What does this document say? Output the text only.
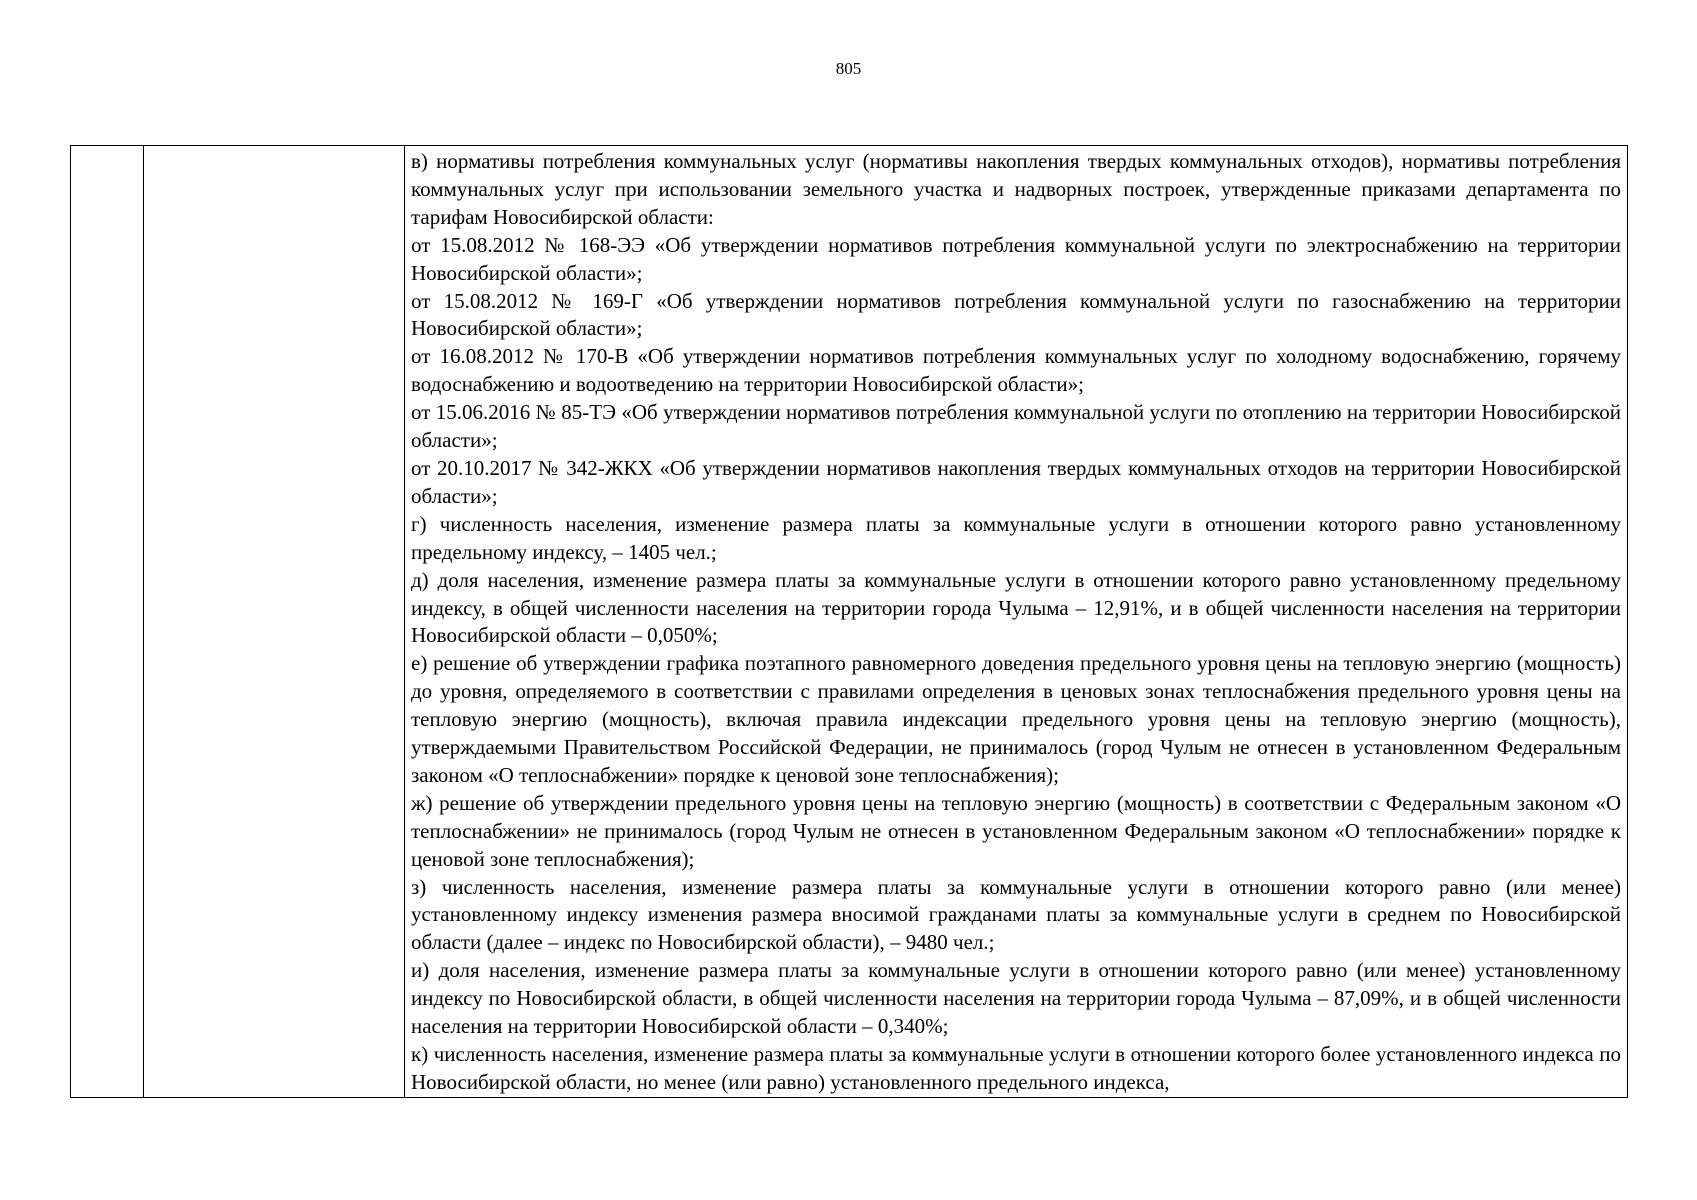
805

в) нормативы потребления коммунальных услуг (нормативы накопления твердых коммунальных отходов), нормативы потребления коммунальных услуг при использовании земельного участка и надворных построек, утвержденные приказами департамента по тарифам Новосибирской области:

от 15.08.2012 № 168-ЭЭ «Об утверждении нормативов потребления коммунальной услуги по электроснабжению на территории Новосибирской области»;

от 15.08.2012 № 169-Г «Об утверждении нормативов потребления коммунальной услуги по газоснабжению на территории Новосибирской области»;

от 16.08.2012 № 170-В «Об утверждении нормативов потребления коммунальных услуг по холодному водоснабжению, горячему водоснабжению и водоотведению на территории Новосибирской области»;

от 15.06.2016 № 85-ТЭ «Об утверждении нормативов потребления коммунальной услуги по отоплению на территории Новосибирской области»;

от 20.10.2017 № 342-ЖКХ «Об утверждении нормативов накопления твердых коммунальных отходов на территории Новосибирской области»;

г) численность населения, изменение размера платы за коммунальные услуги в отношении которого равно установленному предельному индексу, – 1405 чел.;

д) доля населения, изменение размера платы за коммунальные услуги в отношении которого равно установленному предельному индексу, в общей численности населения на территории города Чулыма – 12,91%, и в общей численности населения на территории Новосибирской области – 0,050%;

е) решение об утверждении графика поэтапного равномерного доведения предельного уровня цены на тепловую энергию (мощность) до уровня, определяемого в соответствии с правилами определения в ценовых зонах теплоснабжения предельного уровня цены на тепловую энергию (мощность), включая правила индексации предельного уровня цены на тепловую энергию (мощность), утверждаемыми Правительством Российской Федерации, не принималось (город Чулым не отнесен в установленном Федеральным законом «О теплоснабжении» порядке к ценовой зоне теплоснабжения);

ж) решение об утверждении предельного уровня цены на тепловую энергию (мощность) в соответствии с Федеральным законом «О теплоснабжении» не принималось (город Чулым не отнесен в установленном Федеральным законом «О теплоснабжении» порядке к ценовой зоне теплоснабжения);

з) численность населения, изменение размера платы за коммунальные услуги в отношении которого равно (или менее) установленному индексу изменения размера вносимой гражданами платы за коммунальные услуги в среднем по Новосибирской области (далее – индекс по Новосибирской области), – 9480 чел.;

и) доля населения, изменение размера платы за коммунальные услуги в отношении которого равно (или менее) установленному индексу по Новосибирской области, в общей численности населения на территории города Чулыма – 87,09%, и в общей численности населения на территории Новосибирской области – 0,340%;

к) численность населения, изменение размера платы за коммунальные услуги в отношении которого более установленного индекса по Новосибирской области, но менее (или равно) установленного предельного индекса,
